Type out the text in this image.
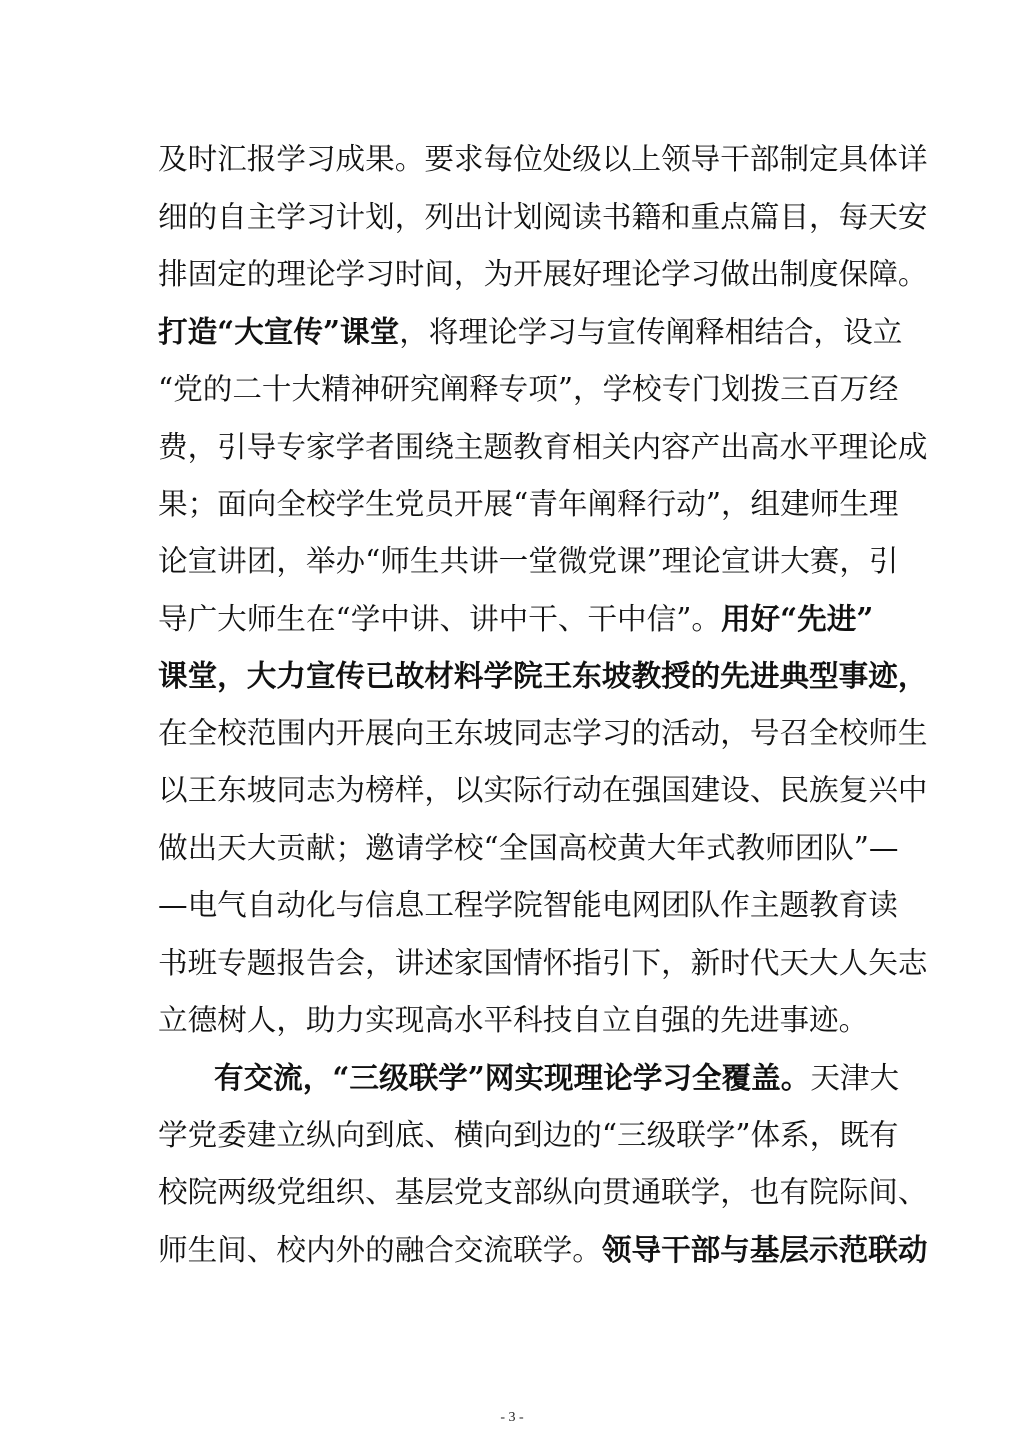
及时汇报学习成果。要求每位处级以上领导干部制定具体详
细的自主学习计划，列出计划阅读书籍和重点篇目，每天安
排固定的理论学习时间，为开展好理论学习做出制度保障。
打造“大宣传”课堂，将理论学习与宣传阐释相结合，设立
“党的二十大精神研究阐释专项”，学校专门划拨三百万经
费，引导专家学者围绕主题教育相关内容产出高水平理论成
果；面向全校学生党员开展“青年阐释行动”，组建师生理
论宣讲团，举办“师生共讲一堂微党课”理论宣讲大赛，引
导广大师生在“学中讲、讲中干、干中信”。用好“先进”
课堂，大力宣传已故材料学院王东坡教授的先进典型事迹，
在全校范围内开展向王东坡同志学习的活动，号召全校师生
以王东坡同志为榜样，以实际行动在强国建设、民族复兴中
做出天大贡献；邀请学校“全国高校黄大年式教师团队”—
—电气自动化与信息工程学院智能电网团队作主题教育读
书班专题报告会，讲述家国情怀指引下，新时代天大人矢志
立德树人，助力实现高水平科技自立自强的先进事迹。
有交流，“三级联学”网实现理论学习全覆盖。天津大
学党委建立纵向到底、横向到边的“三级联学”体系，既有
校院两级党组织、基层党支部纵向贯通联学，也有院际间、
师生间、校内外的融合交流联学。领导干部与基层示范联动
- 3 -
